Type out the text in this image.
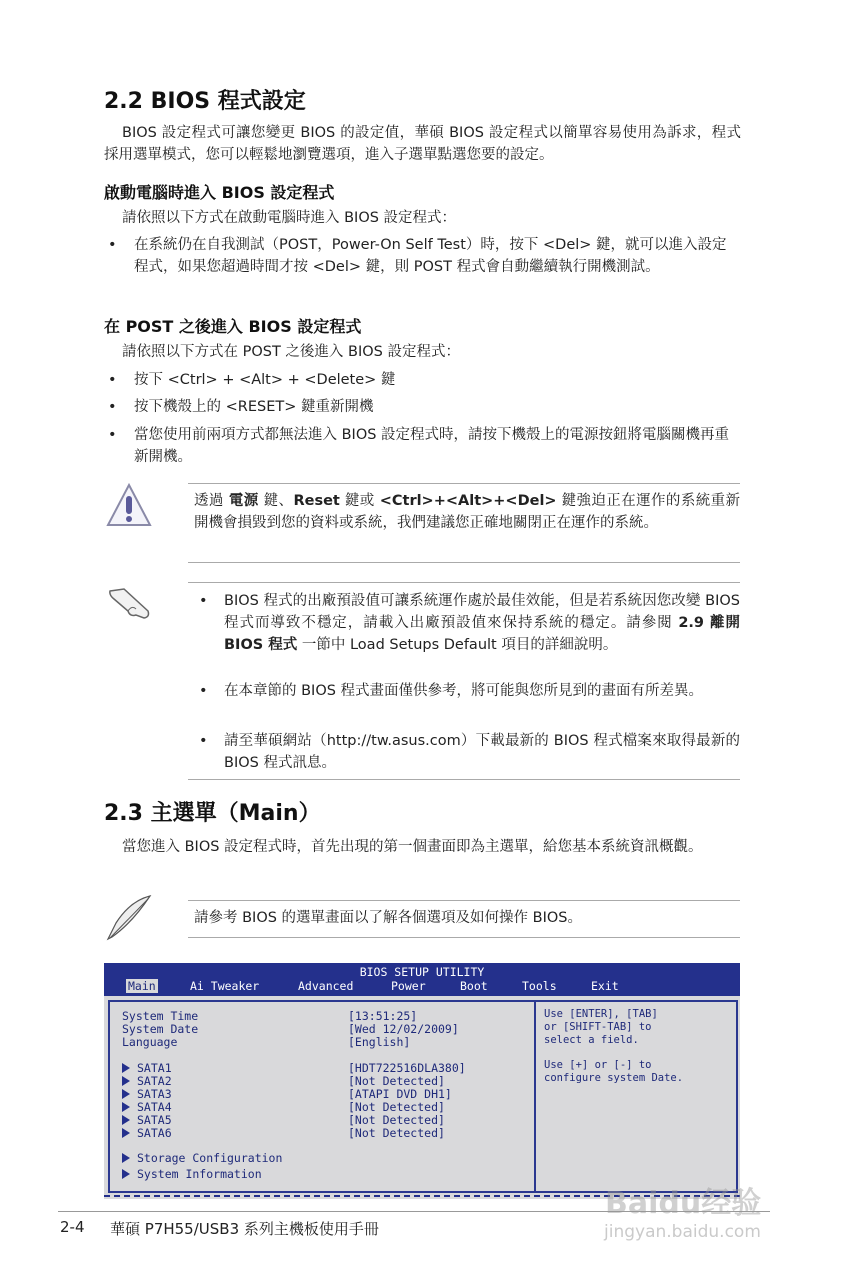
2.2 BIOS 程式設定
BIOS 設定程式可讓您變更 BIOS 的設定值，華碩 BIOS 設定程式以簡單容易使用為訴求，程式採用選單模式，您可以輕鬆地瀏覽選項，進入子選單點選您要的設定。
啟動電腦時進入 BIOS 設定程式
請依照以下方式在啟動電腦時進入 BIOS 設定程式：
• 在系統仍在自我測試（POST，Power-On Self Test）時，按下 <Del> 鍵，就可以進入設定程式，如果您超過時間才按 <Del> 鍵，則 POST 程式會自動繼續執行開機測試。
在 POST 之後進入 BIOS 設定程式
請依照以下方式在 POST 之後進入 BIOS 設定程式：
• 按下 <Ctrl> + <Alt> + <Delete> 鍵
• 按下機殼上的 <RESET> 鍵重新開機
• 當您使用前兩項方式都無法進入 BIOS 設定程式時，請按下機殼上的電源按鈕將電腦關機再重新開機。
透過 電源 鍵、Reset 鍵或 <Ctrl>+<Alt>+<Del> 鍵強迫正在運作的系統重新開機會損毀到您的資料或系統，我們建議您正確地關閉正在運作的系統。
• BIOS 程式的出廠預設值可讓系統運作處於最佳效能，但是若系統因您改變 BIOS 程式而導致不穩定，請載入出廠預設值來保持系統的穩定。請參閱 2.9 離開 BIOS 程式 一節中 Load Setups Default 項目的詳細說明。
• 在本章節的 BIOS 程式畫面僅供參考，將可能與您所見到的畫面有所差異。
• 請至華碩網站（http://tw.asus.com）下載最新的 BIOS 程式檔案來取得最新的 BIOS 程式訊息。
2.3 主選單（Main）
當您進入 BIOS 設定程式時，首先出現的第一個畫面即為主選單，給您基本系統資訊概觀。
請參考 BIOS 的選單畫面以了解各個選項及如何操作 BIOS。
BIOS SETUP UTILITY
Main	Ai Tweaker	Advanced	Power	Boot	Tools	Exit
System Time	[13:51:25]
System Date	[Wed 12/02/2009]
Language	[English]
SATA1	[HDT722516DLA380]
SATA2	[Not Detected]
SATA3	[ATAPI DVD DH1]
SATA4	[Not Detected]
SATA5	[Not Detected]
SATA6	[Not Detected]
Storage Configuration
System Information
Use [ENTER], [TAB]
or [SHIFT-TAB] to
select a field.
Use [+] or [-] to
configure system Date.
2-4 華碩 P7H55/USB3 系列主機板使用手冊
Baidu经验
jingyan.baidu.com
